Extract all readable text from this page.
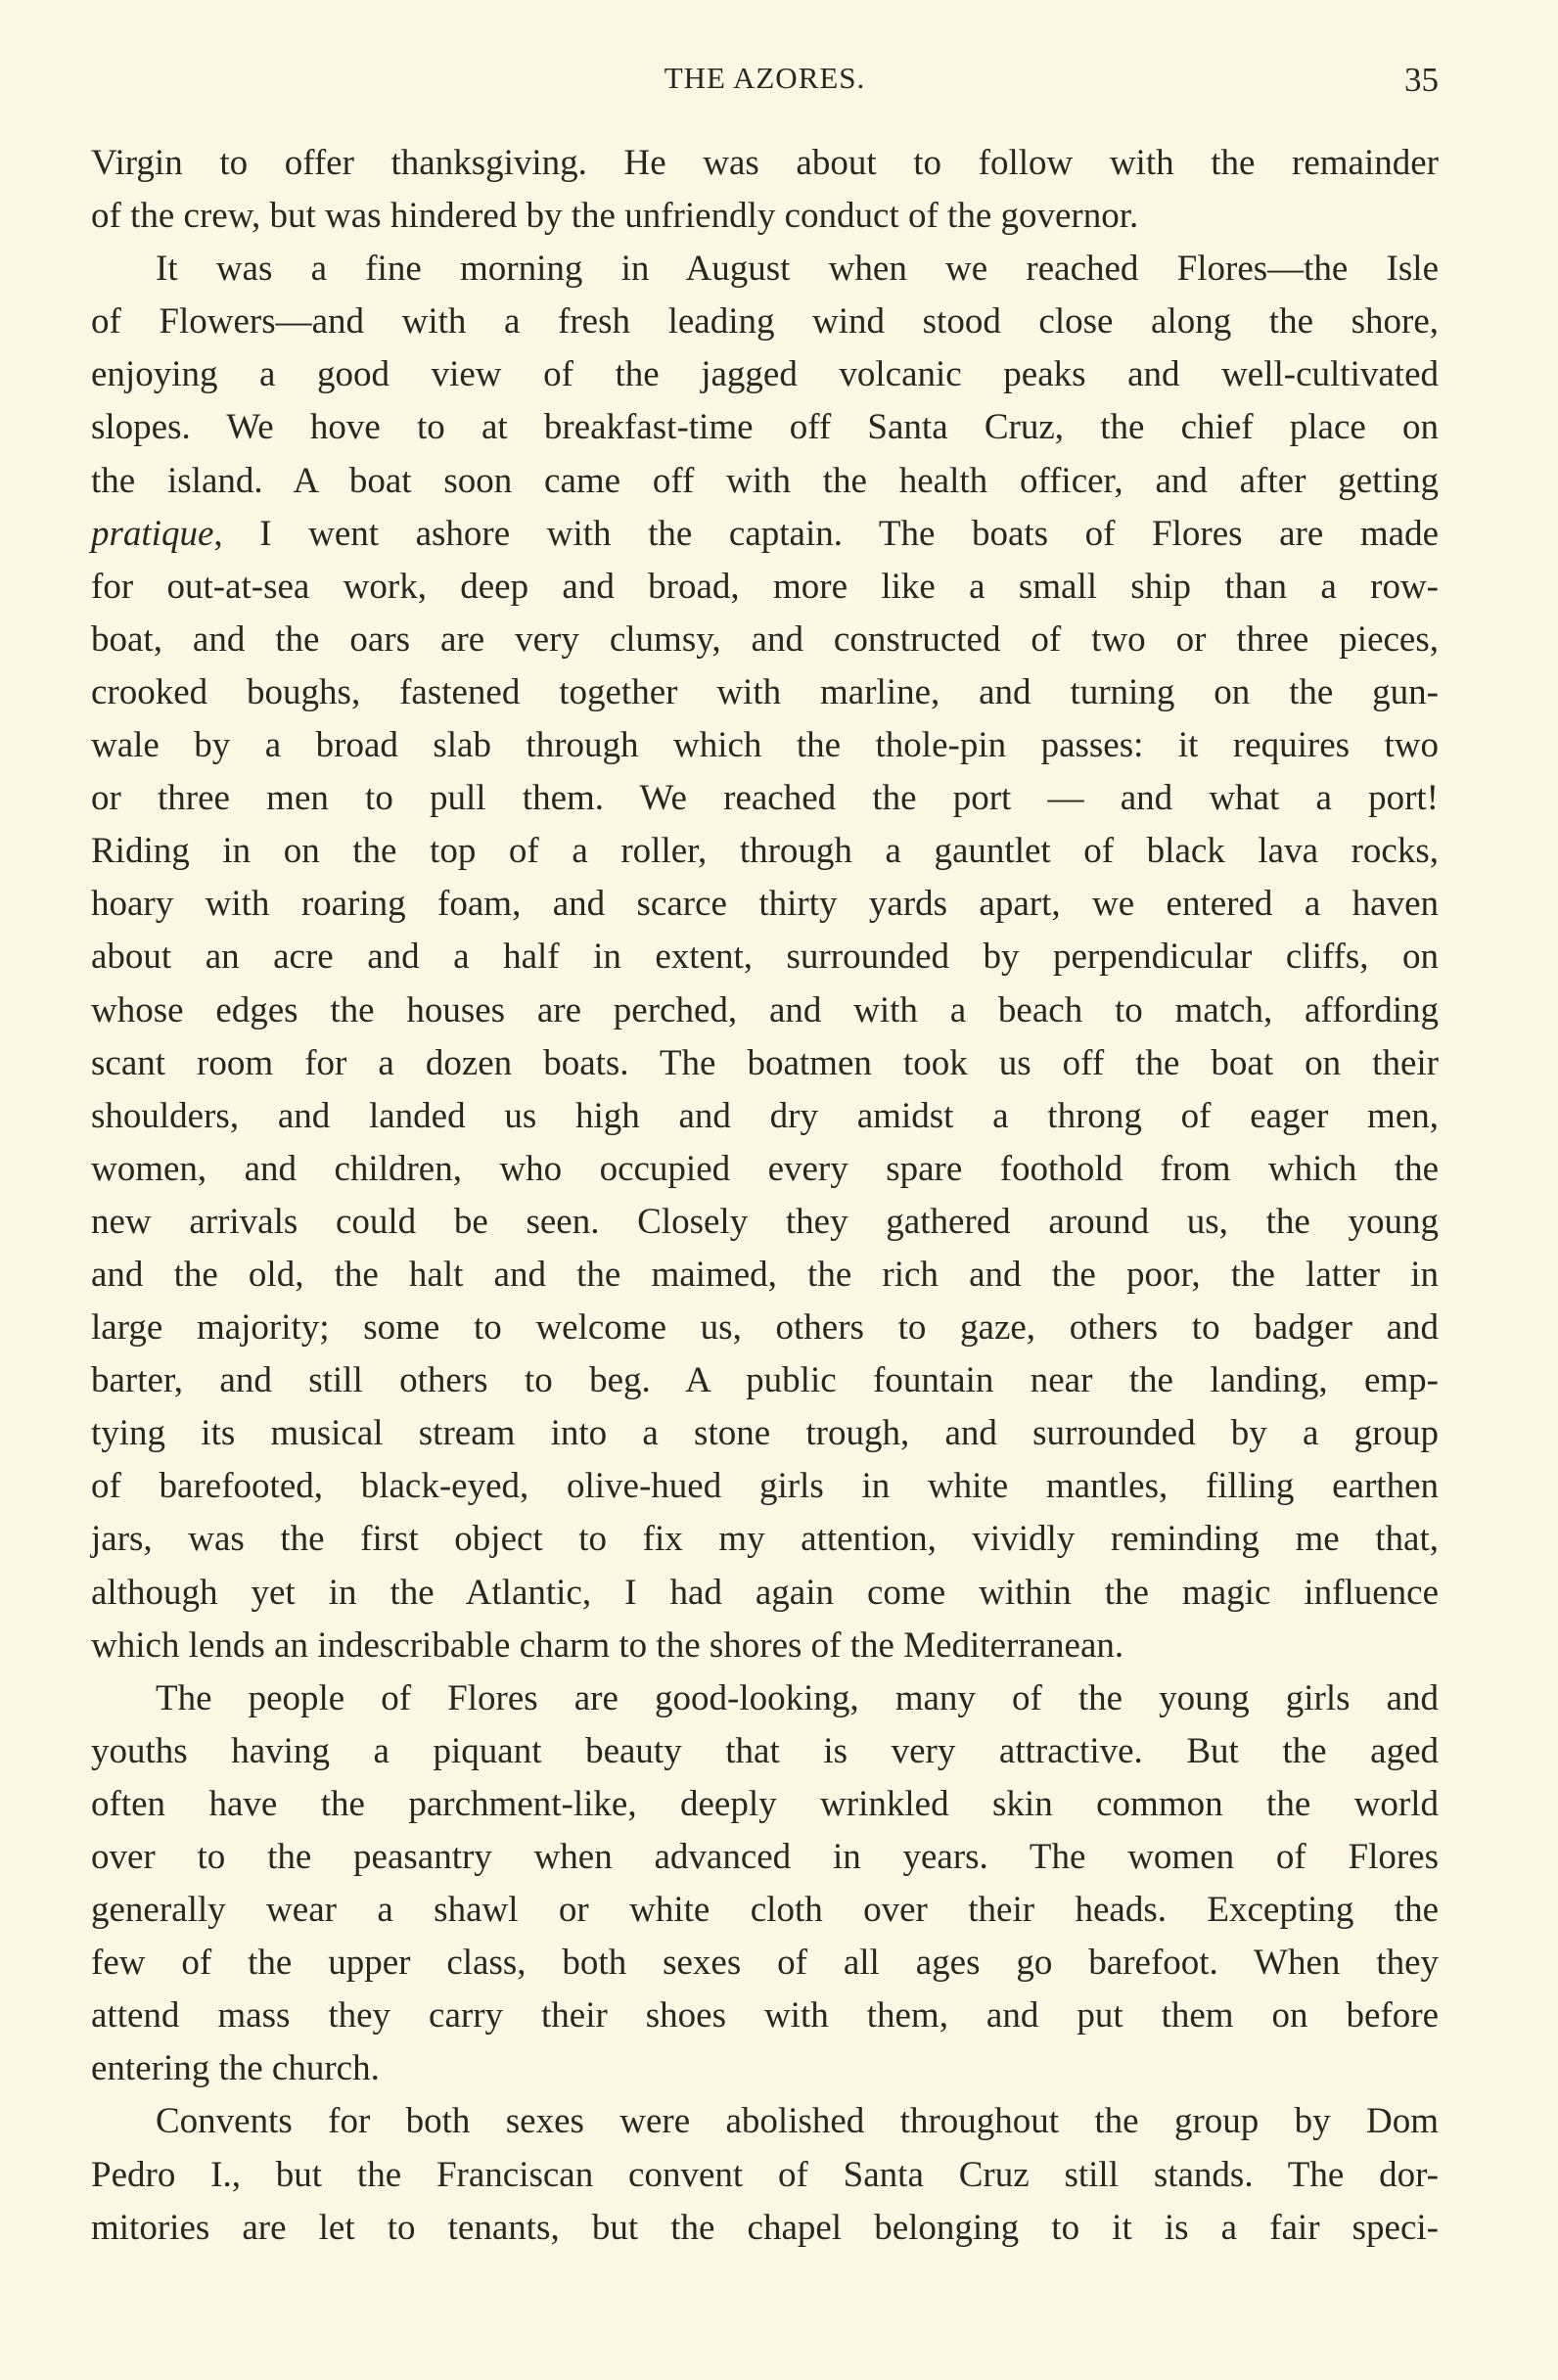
THE AZORES.	35
Virgin to offer thanksgiving. He was about to follow with the remainder
of the crew, but was hindered by the unfriendly conduct of the governor.
It was a fine morning in August when we reached Flores—the Isle
of Flowers—and with a fresh leading wind stood close along the shore,
enjoying a good view of the jagged volcanic peaks and well-cultivated
slopes. We hove to at breakfast-time off Santa Cruz, the chief place on
the island. A boat soon came off with the health officer, and after getting
pratique, I went ashore with the captain. The boats of Flores are made
for out-at-sea work, deep and broad, more like a small ship than a row-
boat, and the oars are very clumsy, and constructed of two or three pieces,
crooked boughs, fastened together with marline, and turning on the gun-
wale by a broad slab through which the thole-pin passes: it requires two
or three men to pull them. We reached the port — and what a port!
Riding in on the top of a roller, through a gauntlet of black lava rocks,
hoary with roaring foam, and scarce thirty yards apart, we entered a haven
about an acre and a half in extent, surrounded by perpendicular cliffs, on
whose edges the houses are perched, and with a beach to match, affording
scant room for a dozen boats. The boatmen took us off the boat on their
shoulders, and landed us high and dry amidst a throng of eager men,
women, and children, who occupied every spare foothold from which the
new arrivals could be seen. Closely they gathered around us, the young
and the old, the halt and the maimed, the rich and the poor, the latter in
large majority; some to welcome us, others to gaze, others to badger and
barter, and still others to beg. A public fountain near the landing, emp-
tying its musical stream into a stone trough, and surrounded by a group
of barefooted, black-eyed, olive-hued girls in white mantles, filling earthen
jars, was the first object to fix my attention, vividly reminding me that,
although yet in the Atlantic, I had again come within the magic influence
which lends an indescribable charm to the shores of the Mediterranean.
The people of Flores are good-looking, many of the young girls and
youths having a piquant beauty that is very attractive. But the aged
often have the parchment-like, deeply wrinkled skin common the world
over to the peasantry when advanced in years. The women of Flores
generally wear a shawl or white cloth over their heads. Excepting the
few of the upper class, both sexes of all ages go barefoot. When they
attend mass they carry their shoes with them, and put them on before
entering the church.
Convents for both sexes were abolished throughout the group by Dom
Pedro I., but the Franciscan convent of Santa Cruz still stands. The dor-
mitories are let to tenants, but the chapel belonging to it is a fair speci-
